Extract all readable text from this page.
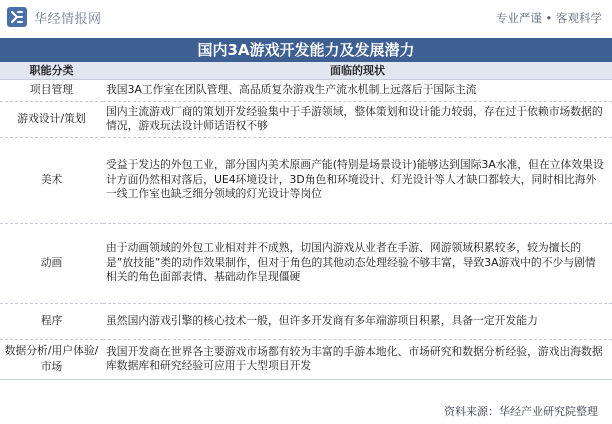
华经情报网	专业严谨 • 客观科学
国内3A游戏开发能力及发展潜力
职能分类	面临的现状
项目管理	我国3A工作室在团队管理、高品质复杂游戏生产流水机制上远落后于国际主流
游戏设计/策划	国内主流游戏厂商的策划开发经验集中于手游领域，整体策划和设计能力较弱，存在过于依赖市场数据的情况，游戏玩法设计师话语权不够
美术	受益于发达的外包工业，部分国内美术原画产能(特别是场景设计)能够达到国际3A水准，但在立体效果设计方面仍然相对落后，UE4环境设计，3D角色和环境设计、灯光设计等人才缺口都较大，同时相比海外一线工作室也缺乏细分领域的灯光设计等岗位
动画	由于动画领域的外包工业相对并不成熟，切国内游戏从业者在手游、网游领域积累较多，较为擅长的是”放技能”类的动作效果制作，但对于角色的其他动态处理经验不够丰富，导致3A游戏中的不少与剧情相关的角色面部表情、基础动作呈现僵硬
程序	虽然国内游戏引擎的核心技术一般，但许多开发商有多年端游项目积累，具备一定开发能力
数据分析/用户体验/市场	我国开发商在世界各主要游戏市场都有较为丰富的手游本地化、市场研究和数据分析经验，游戏出海数据库数据库和研究经验可应用于大型项目开发
资料来源：华经产业研究院整理
